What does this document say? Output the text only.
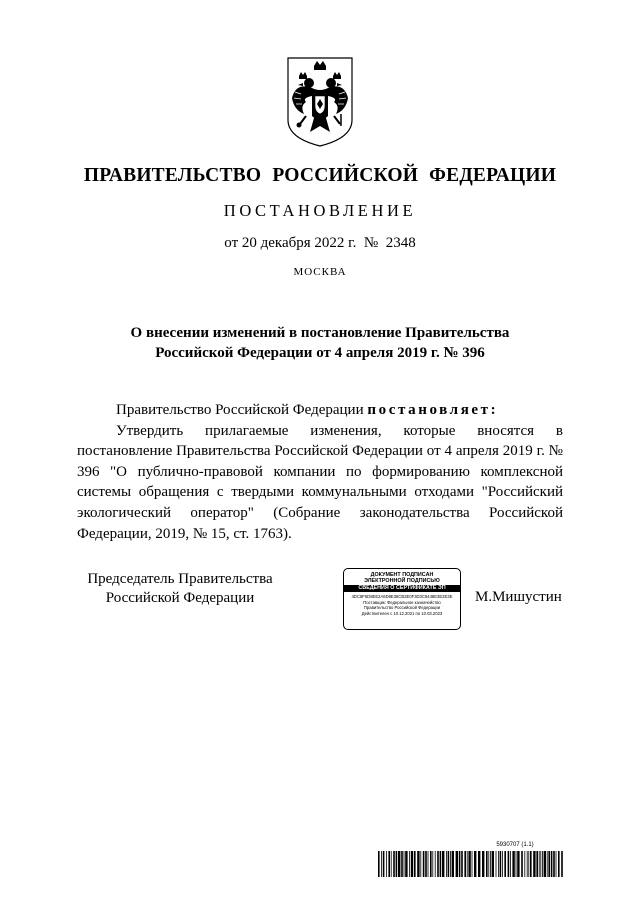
ПРАВИТЕЛЬСТВО РОССИЙСКОЙ ФЕДЕРАЦИИ
ПОСТАНОВЛЕНИЕ
от 20 декабря 2022 г.  №  2348
МОСКВА
О внесении изменений в постановление Правительства
Российской Федерации от 4 апреля 2019 г. № 396

Правительство Российской Федерации постановляет:

Утвердить прилагаемые изменения, которые вносятся в постановление Правительства Российской Федерации от 4 апреля 2019 г. № 396 "О публично-правовой компании по формированию комплексной системы обращения с твердыми коммунальными отходами "Российский экологический оператор" (Собрание законодательства Российской Федерации, 2019, № 15, ст. 1763).

Председатель Правительства
Российской Федерации
ДОКУМЕНТ ПОДПИСАН
ЭЛЕКТРОННОЙ ПОДПИСЬЮ
СВЕДЕНИЯ О СЕРТИФИКАТЕ ЭП
4DC8F5D8EE2A6D9E38CB2E0F3D3C9448E3E2E3E
Поставщик: Федеральное казначейство
Правительство Российской Федерации
Действителен с 10.12.2021 по 10.03.2023
М.Мишустин
5930707 (1.1)
